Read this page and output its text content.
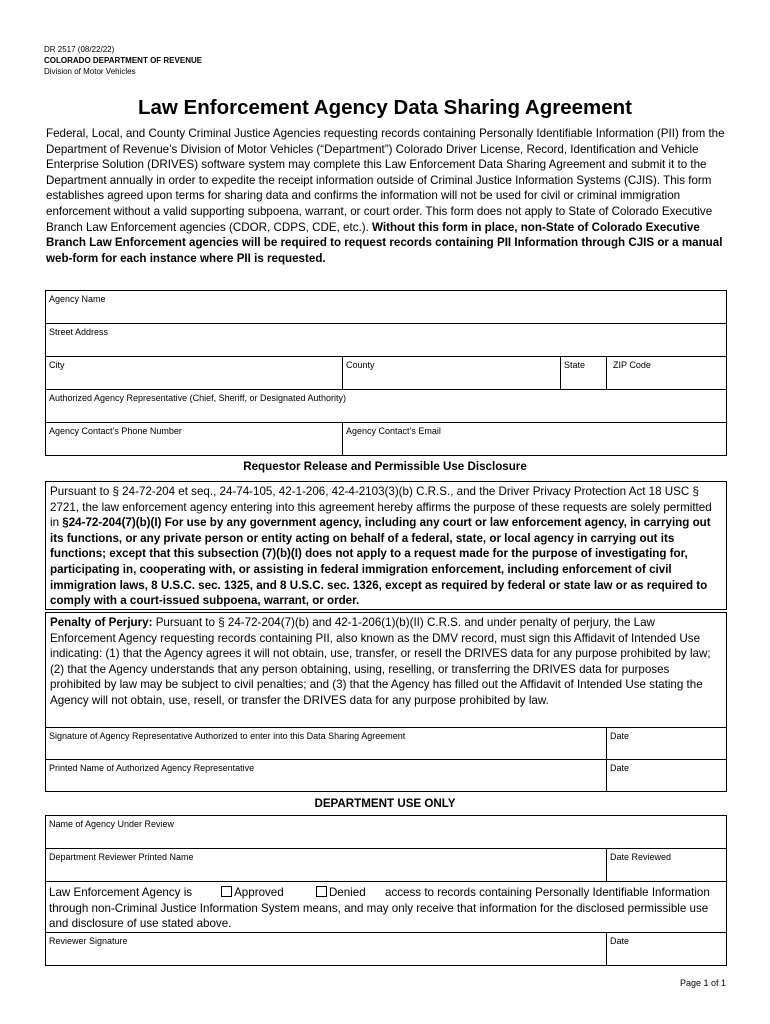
DR 2517 (08/22/22)
COLORADO DEPARTMENT OF REVENUE
Division of Motor Vehicles
Law Enforcement Agency Data Sharing Agreement
Federal, Local, and County Criminal Justice Agencies requesting records containing Personally Identifiable Information (PII) from the Department of Revenue’s Division of Motor Vehicles (“Department”) Colorado Driver License, Record, Identification and Vehicle Enterprise Solution (DRIVES) software system may complete this Law Enforcement Data Sharing Agreement and submit it to the Department annually in order to expedite the receipt information outside of Criminal Justice Information Systems (CJIS). This form establishes agreed upon terms for sharing data and confirms the information will not be used for civil or criminal immigration enforcement without a valid supporting subpoena, warrant, or court order. This form does not apply to State of Colorado Executive Branch Law Enforcement agencies (CDOR, CDPS, CDE, etc.). Without this form in place, non-State of Colorado Executive Branch Law Enforcement agencies will be required to request records containing PII Information through CJIS or a manual web-form for each instance where PII is requested.
Agency Name			
Street Address			
City	County	State	ZIP Code
Authorized Agency Representative (Chief, Sheriff, or Designated Authority)			
Agency Contact’s Phone Number	Agency Contact’s Email		
Requestor Release and Permissible Use Disclosure
Pursuant to § 24-72-204 et seq., 24-74-105, 42-1-206, 42-4-2103(3)(b) C.R.S., and the Driver Privacy Protection Act 18 USC § 2721, the law enforcement agency entering into this agreement hereby affirms the purpose of these requests are solely permitted in §24-72-204(7)(b)(I) For use by any government agency, including any court or law enforcement agency, in carrying out its functions, or any private person or entity acting on behalf of a federal, state, or local agency in carrying out its functions; except that this subsection (7)(b)(I) does not apply to a request made for the purpose of investigating for, participating in, cooperating with, or assisting in federal immigration enforcement, including enforcement of civil immigration laws, 8 U.S.C. sec. 1325, and 8 U.S.C. sec. 1326, except as required by federal or state law or as required to comply with a court-issued subpoena, warrant, or order.
Penalty of Perjury: Pursuant to § 24-72-204(7)(b) and 42-1-206(1)(b)(II) C.R.S. and under penalty of perjury, the Law Enforcement Agency requesting records containing PII, also known as the DMV record, must sign this Affidavit of Intended Use indicating: (1) that the Agency agrees it will not obtain, use, transfer, or resell the DRIVES data for any purpose prohibited by law; (2) that the Agency understands that any person obtaining, using, reselling, or transferring the DRIVES data for purposes prohibited by law may be subject to civil penalties; and (3) that the Agency has filled out the Affidavit of Intended Use stating the Agency will not obtain, use, resell, or transfer the DRIVES data for any purpose prohibited by law.
Signature of Agency Representative Authorized to enter into this Data Sharing Agreement	Date
Printed Name of Authorized Agency Representative	Date
DEPARTMENT USE ONLY
Name of Agency Under Review	
Department Reviewer Printed Name	Date Reviewed
Law Enforcement Agency is Approved Denied access to records containing Personally Identifiable Information through non-Criminal Justice Information System means, and may only receive that information for the disclosed permissible use and disclosure of use stated above.	
Reviewer Signature	Date
Page 1 of 1
